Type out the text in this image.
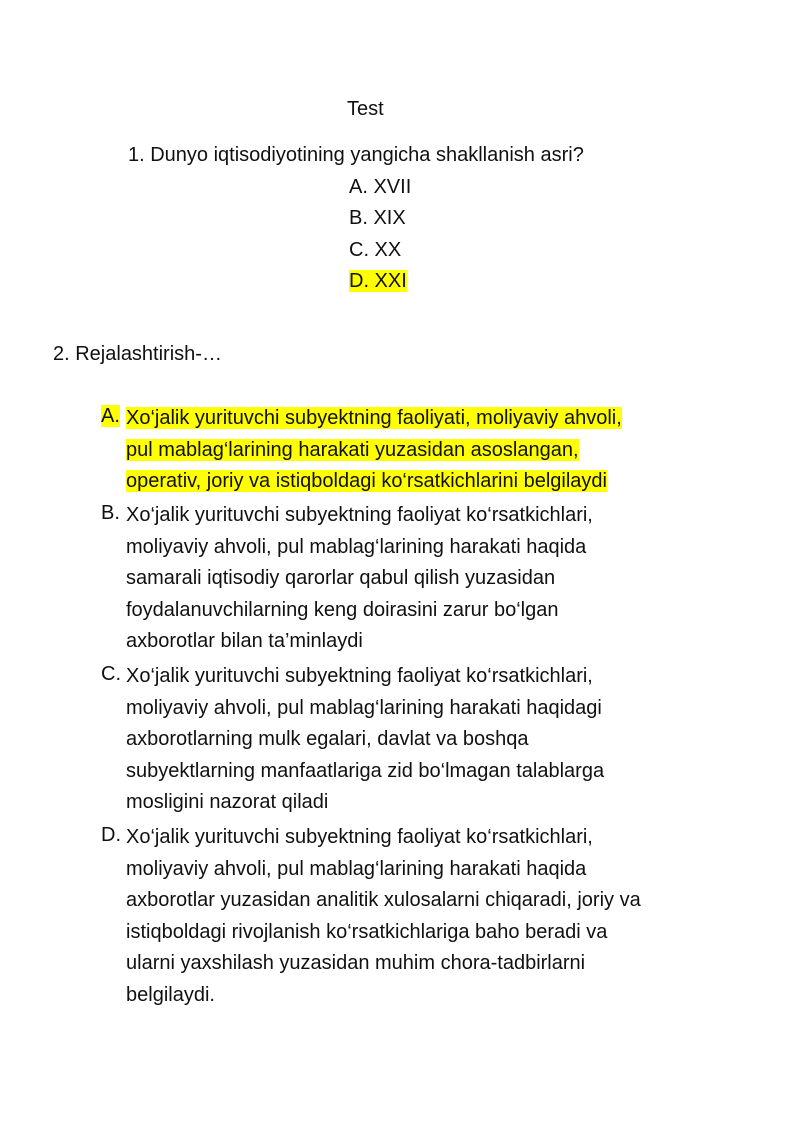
Test
1. Dunyo iqtisodiyotining yangicha shakllanish asri?
A. XVII
B. XIX
C. XX
D. XXI
2. Rejalashtirish-…
A. Xo‘jalik yurituvchi subyektning faoliyati, moliyaviy ahvoli,
pul mablag‘larining harakati yuzasidan asoslangan,
operativ, joriy va istiqboldagi ko‘rsatkichlarini belgilaydi
B. Xo‘jalik yurituvchi subyektning faoliyat ko‘rsatkichlari,
moliyaviy ahvoli, pul mablag‘larining harakati haqida
samarali iqtisodiy qarorlar qabul qilish yuzasidan
foydalanuvchilarning keng doirasini zarur bo‘lgan
axborotlar bilan ta’minlaydi
C. Xo‘jalik yurituvchi subyektning faoliyat ko‘rsatkichlari,
moliyaviy ahvoli, pul mablag‘larining harakati haqidagi
axborotlarning mulk egalari, davlat va boshqa
subyektlarning manfaatlariga zid bo‘lmagan talablarga
mosligini nazorat qiladi
D. Xo‘jalik yurituvchi subyektning faoliyat ko‘rsatkichlari,
moliyaviy ahvoli, pul mablag‘larining harakati haqida
axborotlar yuzasidan analitik xulosalarni chiqaradi, joriy va
istiqboldagi rivojlanish ko‘rsatkichlariga baho beradi va
ularni yaxshilash yuzasidan muhim chora-tadbirlarni
belgilaydi.
